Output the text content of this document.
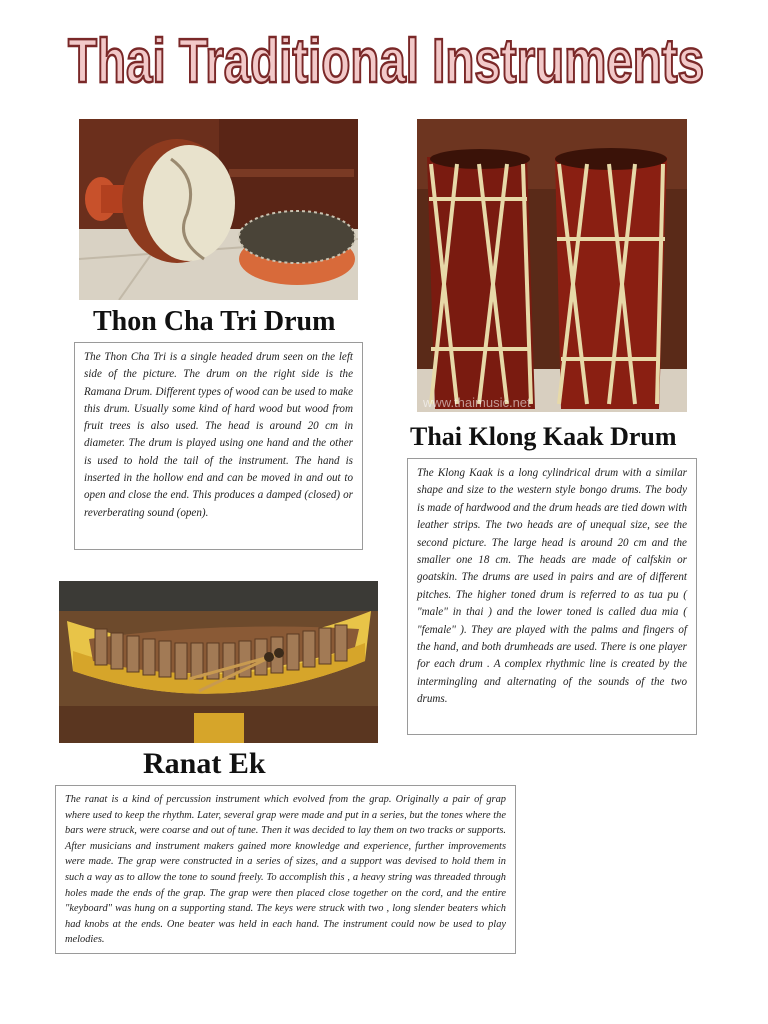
Thai Traditional Instruments
www.thaimusic.net
Thon Cha Tri Drum

The Thon Cha Tri is a single headed drum seen on the left side of the picture. The drum on the right side is the Ramana Drum. Different types of wood can be used to make this drum. Usually some kind of hard wood but wood from fruit trees is also used. The head is around 20 cm in diameter. The drum is played using one hand and the other is used to hold the tail of the instrument. The hand is inserted in the hollow end and can be moved in and out to open and close the end. This produces a damped (closed) or reverberating sound (open).

Thai Klong Kaak Drum

The Klong Kaak is a long cylindrical drum with a similar shape and size to the western style bongo drums. The body is made of hardwood and the drum heads are tied down with leather strips. The two heads are of unequal size, see the second picture. The large head is around 20 cm and the smaller one 18 cm. The heads are made of calfskin or goatskin. The drums are used in pairs and are of different pitches. The higher toned drum is referred to as tua pu ( "male" in thai ) and the lower toned is called dua mia ( "female" ). They are played with the palms and fingers of the hand, and both drumheads are used. There is one player for each drum . A complex rhythmic line is created by the intermingling and alternating of the sounds of the two drums.

Ranat Ek

The ranat is a kind of percussion instrument which evolved from the grap. Originally a pair of grap where used to keep the rhythm. Later, several grap were made and put in a series, but the tones where the bars were struck, were coarse and out of tune. Then it was decided to lay them on two tracks or supports. After musicians and instrument makers gained more knowledge and experience, further improvements were made. The grap were constructed in a series of sizes, and a support was devised to hold them in such a way as to allow the tone to sound freely. To accomplish this , a heavy string was threaded through holes made the ends of the grap. The grap were then placed close together on the cord, and the entire "keyboard" was hung on a supporting stand. The keys were struck with two , long slender beaters which had knobs at the ends. One beater was held in each hand. The instrument could now be used to play melodies.
